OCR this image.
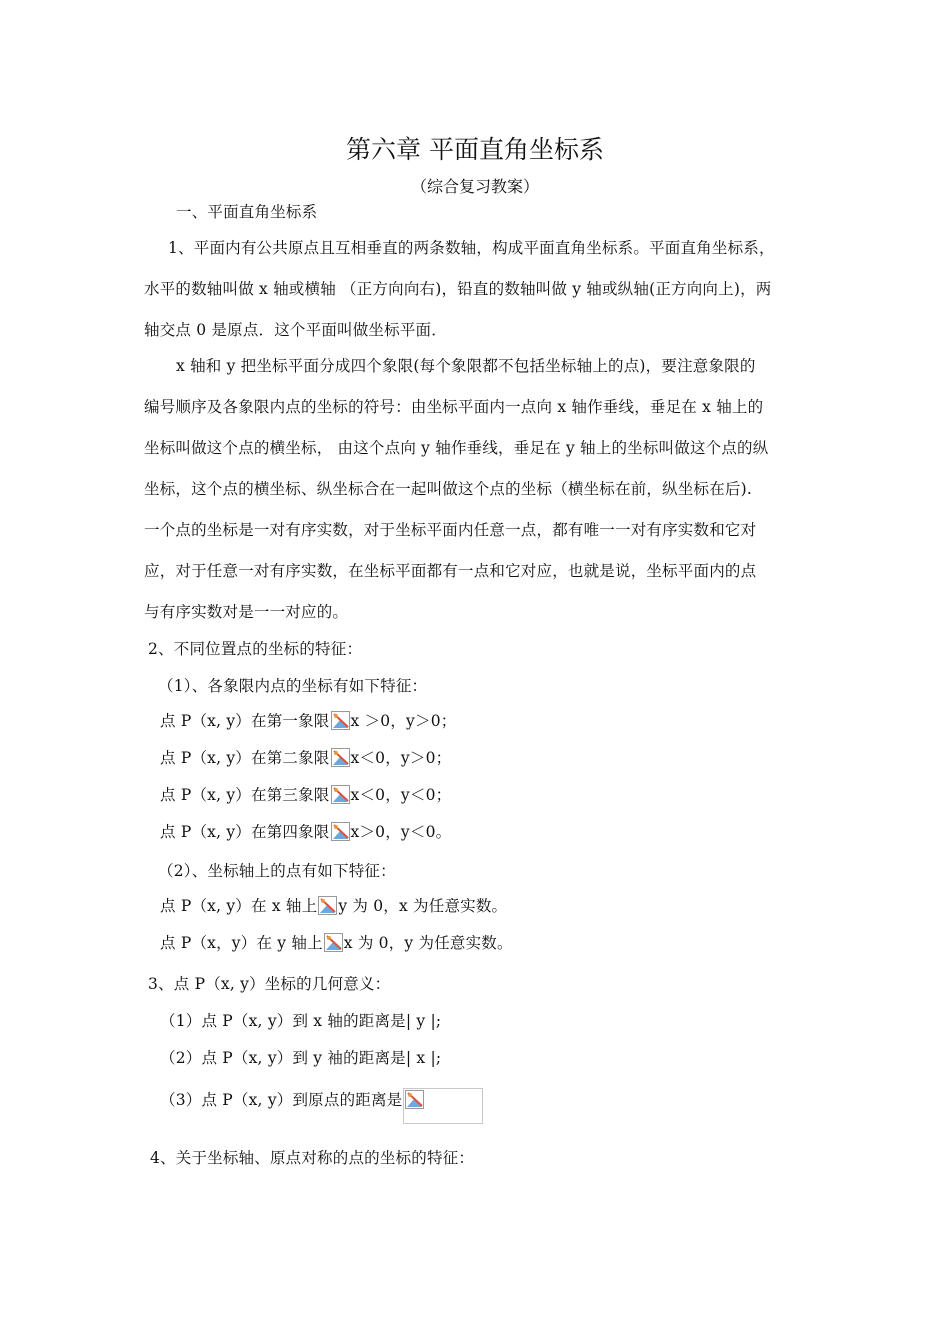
第六章 平面直角坐标系
（综合复习教案）
一、平面直角坐标系
1、平面内有公共原点且互相垂直的两条数轴，构成平面直角坐标系。平面直角坐标系，
水平的数轴叫做 x 轴或横轴 （正方向向右)，铅直的数轴叫做 y 轴或纵轴(正方向向上)，两
轴交点 0 是原点．这个平面叫做坐标平面．
x 轴和 y 把坐标平面分成四个象限(每个象限都不包括坐标轴上的点)，要注意象限的
编号顺序及各象限内点的坐标的符号：由坐标平面内一点向 x 轴作垂线，垂足在 x 轴上的
坐标叫做这个点的横坐标， 由这个点向 y 轴作垂线，垂足在 y 轴上的坐标叫做这个点的纵
坐标，这个点的横坐标、纵坐标合在一起叫做这个点的坐标（横坐标在前，纵坐标在后).
一个点的坐标是一对有序实数，对于坐标平面内任意一点，都有唯一一对有序实数和它对
应，对于任意一对有序实数，在坐标平面都有一点和它对应，也就是说，坐标平面内的点
与有序实数对是一一对应的。
2、不同位置点的坐标的特征：
（1）、各象限内点的坐标有如下特征：
点 P（x, y）在第一象限 x ＞0，y＞0；
点 P（x, y）在第二象限 x＜0，y＞0；
点 P（x, y）在第三象限 x＜0，y＜0；
点 P（x, y）在第四象限 x＞0，y＜0。
（2）、坐标轴上的点有如下特征：
点 P（x, y）在 x 轴上 y 为 0，x 为任意实数。
点 P（x，y）在 y 轴上 x 为 0，y 为任意实数。
3、点 P（x, y）坐标的几何意义：
（1）点 P（x, y）到 x 轴的距离是| y |;
（2）点 P（x, y）到 y 袖的距离是| x |;
（3）点 P（x, y）到原点的距离是
4、关于坐标轴、原点对称的点的坐标的特征：
